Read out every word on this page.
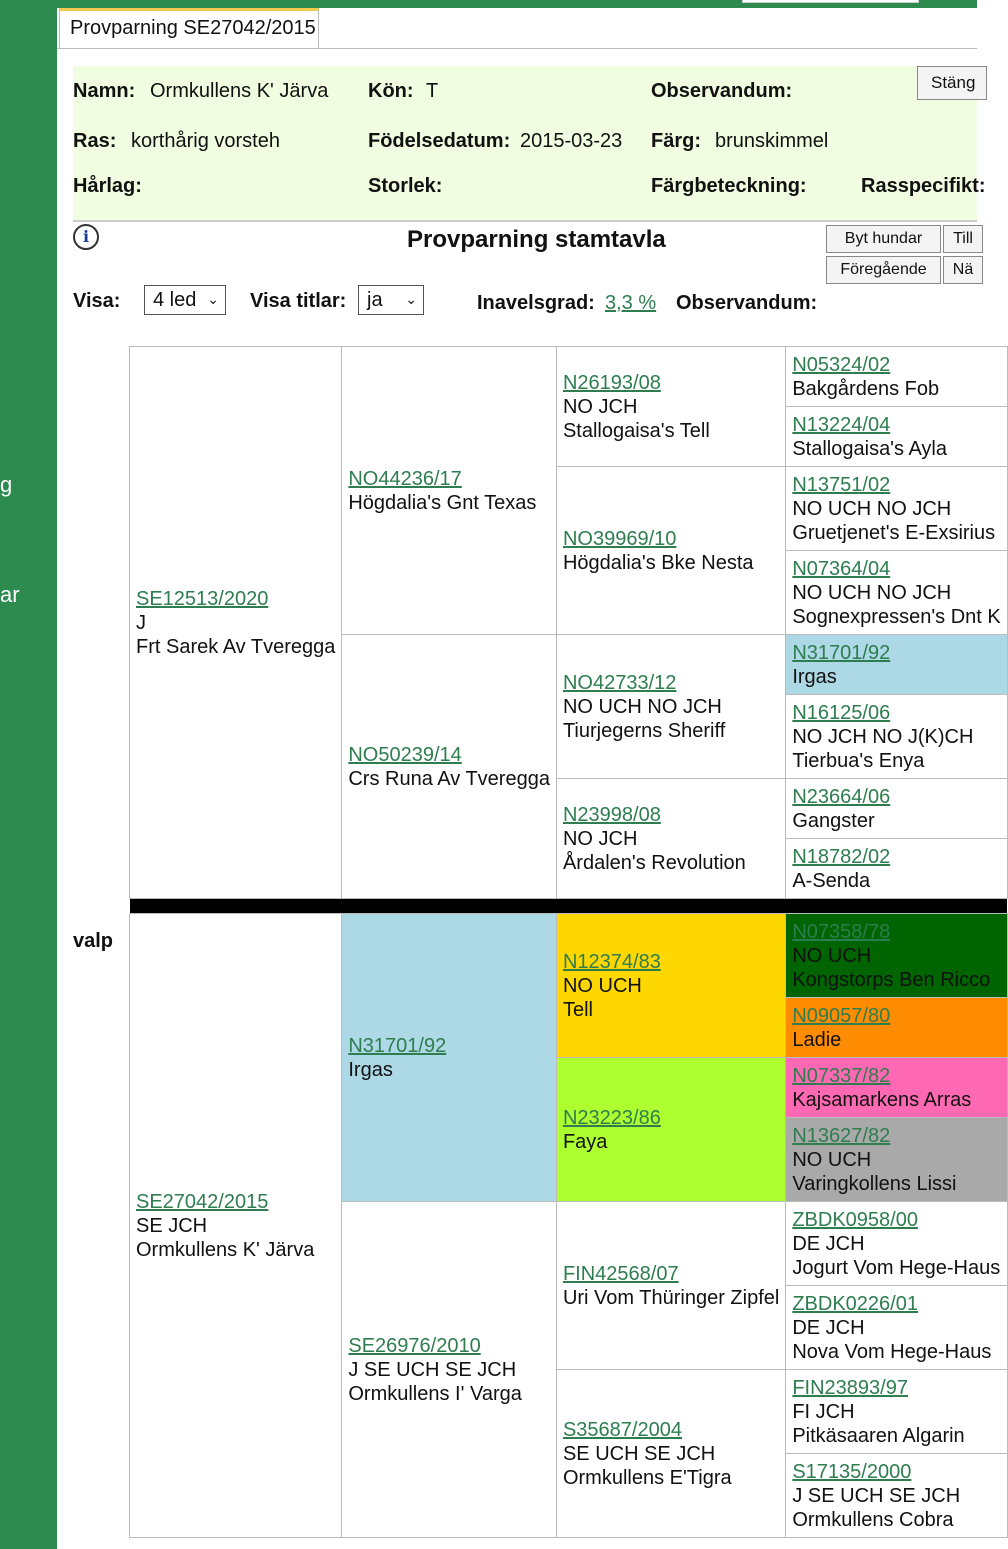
g
ar
Provparning SE27042/2015
Namn: Ormkullens K' Järva Kön: T	Observandum:
Ras: korthårig vorsteh	Födelsedatum: 2015-03-23 Färg: brunskimmel
Hårlag:	Storlek:	Färgbeteckning:	Rasspecifikt:
Stäng
i	Provparning stamtavla	Byt hundar	Till
Föregående	Nä
Visa:	4 led ⌄ Visa titlar:	ja ⌄	Inavelsgrad: 3,3 % Observandum:
valp
SE12513/2020
J
Frt Sarek Av Tveregga	NO44236/17
Högdalia's Gnt Texas	N26193/08
NO JCH
Stallogaisa's Tell	N05324/02
Bakgårdens Fob
			N13224/04
Stallogaisa's Ayla
		NO39969/10
Högdalia's Bke Nesta	N13751/02
NO UCH NO JCH
Gruetjenet's E-Exsirius
			N07364/04
NO UCH NO JCH
Sognexpressen's Dnt K
	NO50239/14
Crs Runa Av Tveregga	NO42733/12
NO UCH NO JCH
Tiurjegerns Sheriff	N31701/92
Irgas
			N16125/06
NO JCH NO J(K)CH
Tierbua's Enya
		N23998/08
NO JCH
Årdalen's Revolution	N23664/06
Gangster
			N18782/02
A-Senda

SE27042/2015
SE JCH
Ormkullens K' Järva	N31701/92
Irgas	N12374/83
NO UCH
Tell	N07358/78
NO UCH
Kongstorps Ben Ricco
			N09057/80
Ladie
		N23223/86
Faya	N07337/82
Kajsamarkens Arras
			N13627/82
NO UCH
Varingkollens Lissi
	SE26976/2010
J SE UCH SE JCH
Ormkullens I' Varga	FIN42568/07
Uri Vom Thüringer Zipfel	ZBDK0958/00
DE JCH
Jogurt Vom Hege-Haus
			ZBDK0226/01
DE JCH
Nova Vom Hege-Haus
		S35687/2004
SE UCH SE JCH
Ormkullens E'Tigra	FIN23893/97
FI JCH
Pitkäsaaren Algarin
			S17135/2000
J SE UCH SE JCH
Ormkullens Cobra
